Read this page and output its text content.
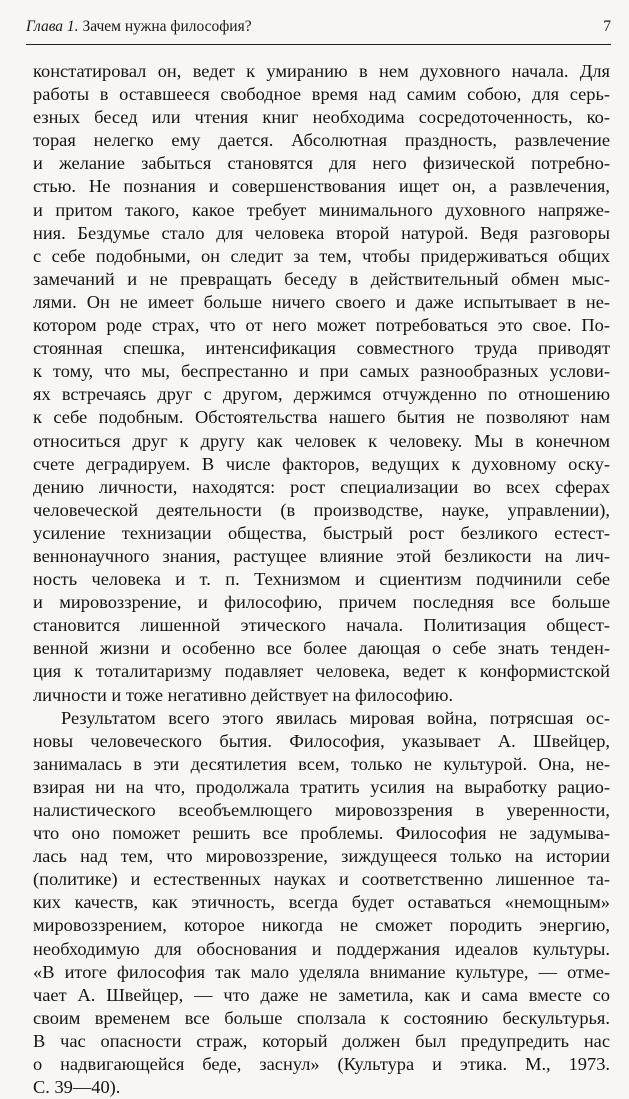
Глава 1. Зачем нужна философия?	7
констатировал он, ведет к умиранию в нем духовного начала. Для
работы в оставшееся свободное время над самим собою, для серь-
езных бесед или чтения книг необходима сосредоточенность, ко-
торая нелегко ему дается. Абсолютная праздность, развлечение
и желание забыться становятся для него физической потребно-
стью. Не познания и совершенствования ищет он, а развлечения,
и притом такого, какое требует минимального духовного напряже-
ния. Бездумье стало для человека второй натурой. Ведя разговоры
с себе подобными, он следит за тем, чтобы придерживаться общих
замечаний и не превращать беседу в действительный обмен мыс-
лями. Он не имеет больше ничего своего и даже испытывает в не-
котором роде страх, что от него может потребоваться это свое. По-
стоянная спешка, интенсификация совместного труда приводят
к тому, что мы, беспрестанно и при самых разнообразных услови-
ях встречаясь друг с другом, держимся отчужденно по отношению
к себе подобным. Обстоятельства нашего бытия не позволяют нам
относиться друг к другу как человек к человеку. Мы в конечном
счете деградируем. В числе факторов, ведущих к духовному оску-
дению личности, находятся: рост специализации во всех сферах
человеческой деятельности (в производстве, науке, управлении),
усиление технизации общества, быстрый рост безликого естест-
веннонаучного знания, растущее влияние этой безликости на лич-
ность человека и т. п. Технизмом и сциентизм подчинили себе
и мировоззрение, и философию, причем последняя все больше
становится лишенной этического начала. Политизация общест-
венной жизни и особенно все более дающая о себе знать тенден-
ция к тоталитаризму подавляет человека, ведет к конформистской
личности и тоже негативно действует на философию.
Результатом всего этого явилась мировая война, потрясшая ос-
новы человеческого бытия. Философия, указывает А. Швейцер,
занималась в эти десятилетия всем, только не культурой. Она, не-
взирая ни на что, продолжала тратить усилия на выработку рацио-
налистического всеобъемлющего мировоззрения в уверенности,
что оно поможет решить все проблемы. Философия не задумыва-
лась над тем, что мировоззрение, зиждущееся только на истории
(политике) и естественных науках и соответственно лишенное та-
ких качеств, как этичность, всегда будет оставаться «немощным»
мировоззрением, которое никогда не сможет породить энергию,
необходимую для обоснования и поддержания идеалов культуры.
«В итоге философия так мало уделяла внимание культуре, — отме-
чает А. Швейцер, — что даже не заметила, как и сама вместе со
своим временем все больше сползала к состоянию бескультурья.
В час опасности страж, который должен был предупредить нас
о надвигающейся беде, заснул» (Культура и этика. М., 1973.
С. 39—40).
